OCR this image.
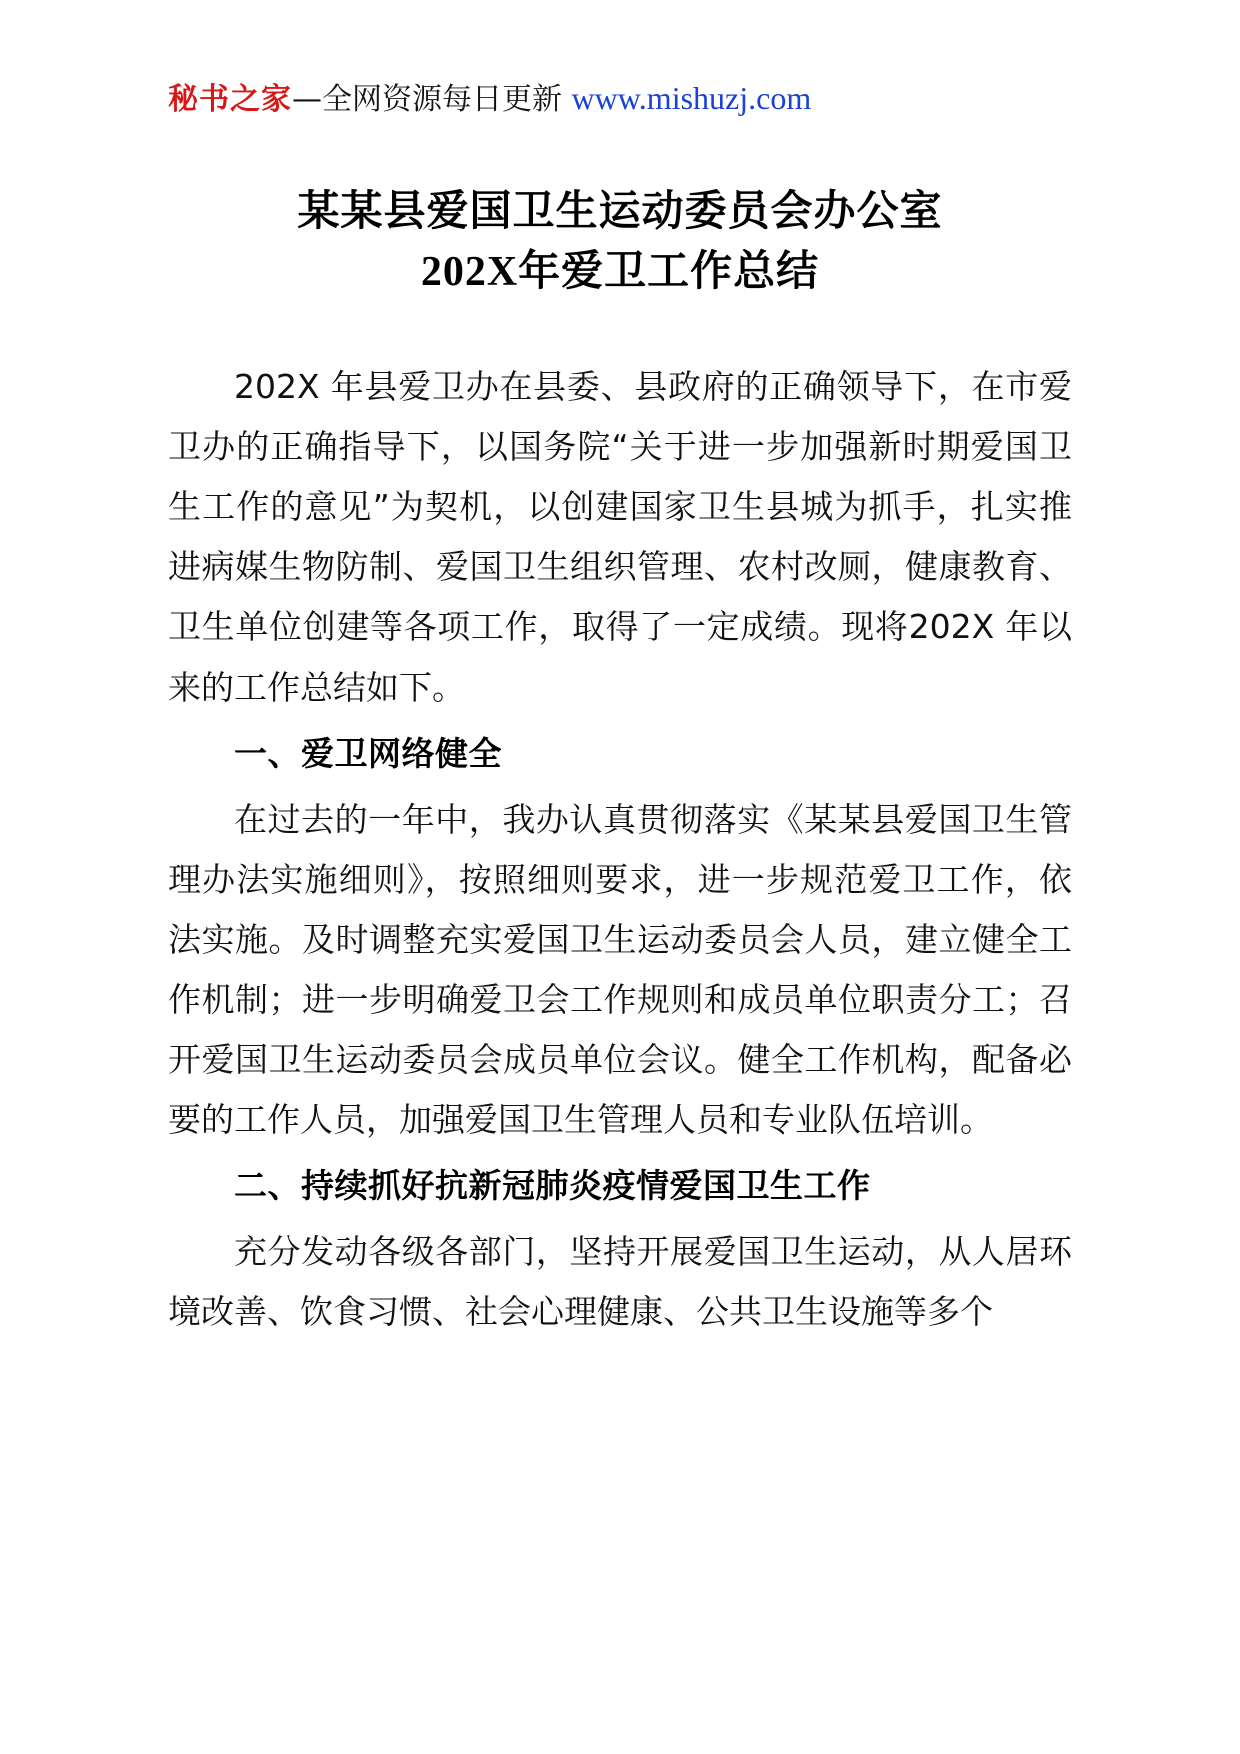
秘书之家—全网资源每日更新 www.mishuzj.com
某某县爱国卫生运动委员会办公室
202X年爱卫工作总结

202X 年县爱卫办在县委、县政府的正确领导下，在市爱卫办的正确指导下，以国务院“关于进一步加强新时期爱国卫生工作的意见”为契机，以创建国家卫生县城为抓手，扎实推进病媒生物防制、爱国卫生组织管理、农村改厕，健康教育、卫生单位创建等各项工作，取得了一定成绩。现将202X 年以来的工作总结如下。

一、爱卫网络健全

在过去的一年中，我办认真贯彻落实《某某县爱国卫生管理办法实施细则》，按照细则要求，进一步规范爱卫工作，依法实施。及时调整充实爱国卫生运动委员会人员，建立健全工作机制；进一步明确爱卫会工作规则和成员单位职责分工；召开爱国卫生运动委员会成员单位会议。健全工作机构，配备必要的工作人员，加强爱国卫生管理人员和专业队伍培训。

二、持续抓好抗新冠肺炎疫情爱国卫生工作

充分发动各级各部门，坚持开展爱国卫生运动，从人居环境改善、饮食习惯、社会心理健康、公共卫生设施等多个
